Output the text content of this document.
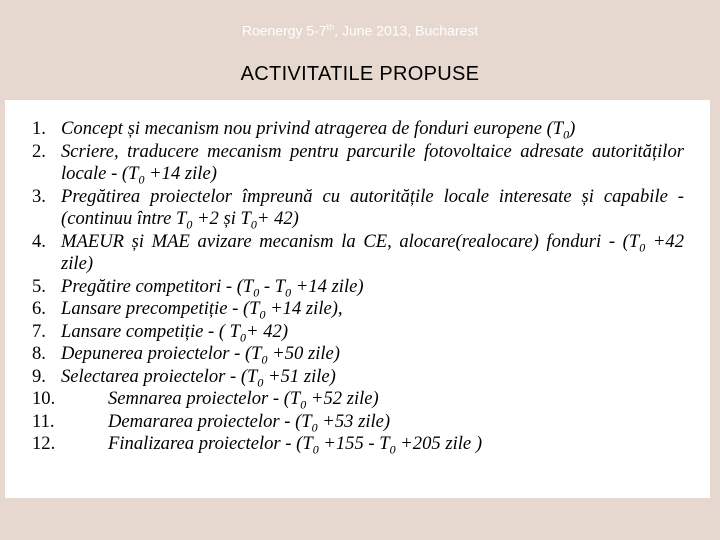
Roenergy 5-7th, June 2013, Bucharest
ACTIVITATILE PROPUSE
1. Concept și mecanism nou privind atragerea de fonduri europene $(T_0)$
2. Scriere, traducere mecanism pentru parcurile fotovoltaice adresate autorităților locale - ($T_0 +14$ zile)
3. Pregătirea proiectelor împreună cu autoritățile locale interesate și capabile - (continuu între $T_0 +2$ și $T_0+ 42$)
4. MAEUR și MAE avizare mecanism la CE, alocare(realocare) fonduri - ($T_0 +42$ zile)
5. Pregătire competitori - ($T_0 - T_0 +14$ zile)
6. Lansare precompetiție - ($T_0 +14$ zile),
7. Lansare competiție - ( $T_0+ 42$)
8. Depunerea proiectelor - ($T_0 +50$ zile)
9. Selectarea proiectelor - ($T_0 +51$ zile)
10.	Semnarea proiectelor - ($T_0 +52$ zile)
11.	Demararea proiectelor - ($T_0 +53$ zile)
12.	Finalizarea proiectelor - ($T_0 +155 - T_0 +205$ zile )
